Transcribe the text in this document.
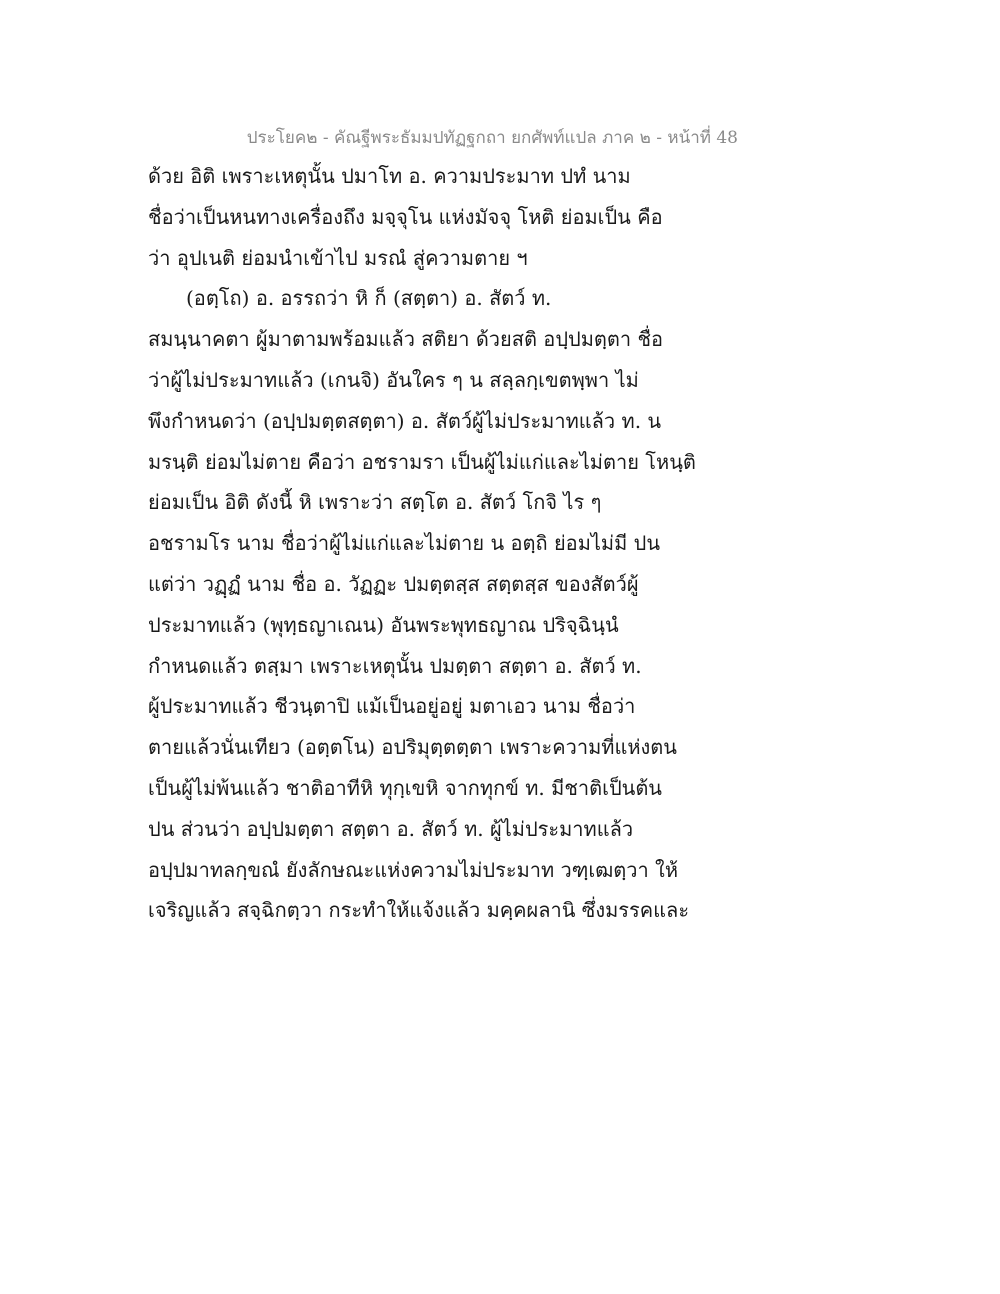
ประโยค๒ - คัณฐีพระธัมมปทัฏฐกถา ยกศัพท์แปล ภาค ๒ - หน้าที่ 48
ด้วย อิติ เพราะเหตุนั้น ปมาโท อ. ความประมาท ปทํ นาม
ชื่อว่าเป็นหนทางเครื่องถึง มจฺจุโน แห่งมัจจุ โหติ ย่อมเป็น คือ
ว่า อุปเนติ ย่อมนำเข้าไป มรณํ สู่ความตาย ฯ
(อตฺโถ) อ. อรรถว่า หิ ก็ (สตฺตา) อ. สัตว์ ท.
สมนฺนาคตา ผู้มาตามพร้อมแล้ว สติยา ด้วยสติ อปฺปมตฺตา ชื่อ
ว่าผู้ไม่ประมาทแล้ว (เกนจิ) อันใคร ๆ น สลฺลกฺเขตพฺพา ไม่
พึงกำหนดว่า (อปฺปมตฺตสตฺตา) อ. สัตว์ผู้ไม่ประมาทแล้ว ท. น
มรนฺติ ย่อมไม่ตาย คือว่า อชรามรา เป็นผู้ไม่แก่และไม่ตาย โหนฺติ
ย่อมเป็น อิติ ดังนี้ หิ เพราะว่า สตฺโต อ. สัตว์ โกจิ ไร ๆ
อชรามโร นาม ชื่อว่าผู้ไม่แก่และไม่ตาย น อตฺถิ ย่อมไม่มี ปน
แต่ว่า วฏฺฏํ นาม ชื่อ อ. วัฏฏะ ปมตฺตสฺส สตฺตสฺส ของสัตว์ผู้
ประมาทแล้ว (พุทฺธญาเณน) อันพระพุทธญาณ ปริจฺฉินฺนํ
กำหนดแล้ว ตสฺมา เพราะเหตุนั้น ปมตฺตา สตฺตา อ. สัตว์ ท.
ผู้ประมาทแล้ว ชีวนฺตาปิ แม้เป็นอยู่อยู่ มตาเอว นาม ชื่อว่า
ตายแล้วนั่นเทียว (อตฺตโน) อปริมุตฺตตฺตา เพราะความที่แห่งตน
เป็นผู้ไม่พ้นแล้ว ชาติอาทีหิ ทุกฺเขหิ จากทุกข์ ท. มีชาติเป็นต้น
ปน ส่วนว่า อปฺปมตฺตา สตฺตา อ. สัตว์ ท. ผู้ไม่ประมาทแล้ว
อปฺปมาทลกฺขณํ ยังลักษณะแห่งความไม่ประมาท วฑฺเฒตฺวา ให้
เจริญแล้ว สจฺฉิกตฺวา กระทำให้แจ้งแล้ว มคฺคผลานิ ซึ่งมรรคและ
